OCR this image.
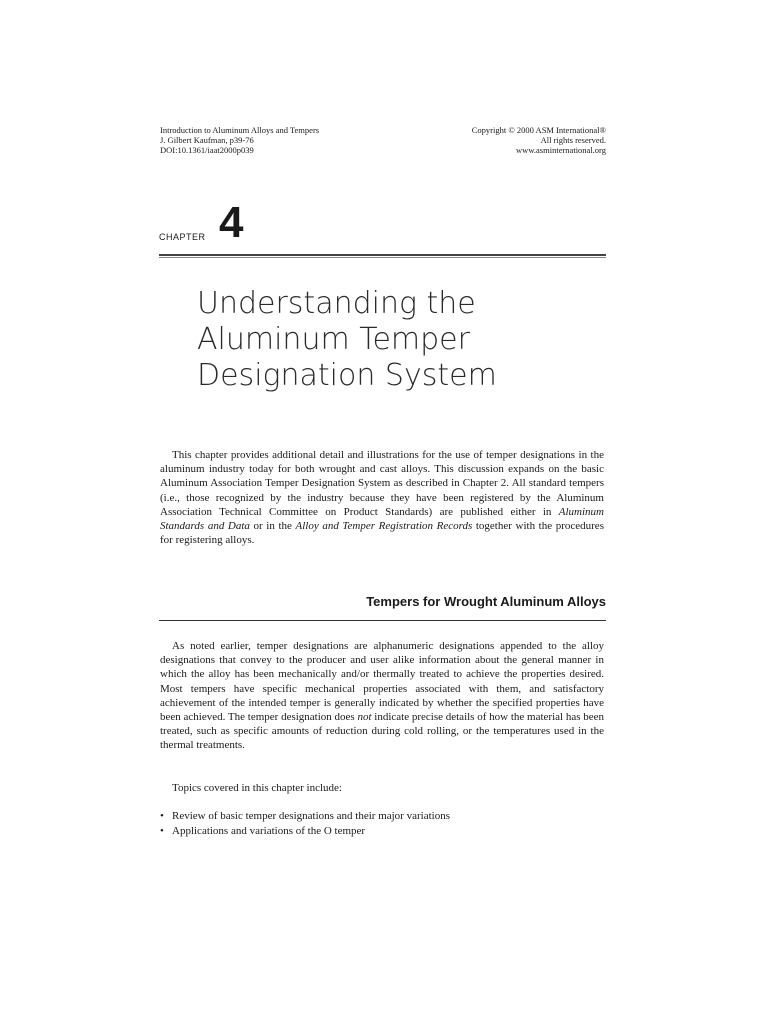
Introduction to Aluminum Alloys and Tempers
J. Gilbert Kaufman, p39-76
DOI:10.1361/iaat2000p039
Copyright © 2000 ASM International®
All rights reserved.
www.asminternational.org
CHAPTER 4
Understanding the
Aluminum Temper
Designation System

This chapter provides additional detail and illustrations for the use of temper designations in the aluminum industry today for both wrought and cast alloys. This discussion expands on the basic Aluminum Association Temper Designation System as described in Chapter 2. All standard tempers (i.e., those recognized by the industry because they have been registered by the Aluminum Association Technical Committee on Product Standards) are published either in Aluminum Standards and Data or in the Alloy and Temper Registration Records together with the procedures for registering alloys.

Tempers for Wrought Aluminum Alloys

As noted earlier, temper designations are alphanumeric designations appended to the alloy designations that convey to the producer and user alike information about the general manner in which the alloy has been mechanically and/or thermally treated to achieve the properties desired. Most tempers have specific mechanical properties associated with them, and satisfactory achievement of the intended temper is generally indicated by whether the specified properties have been achieved. The temper designation does not indicate precise details of how the material has been treated, such as specific amounts of reduction during cold rolling, or the temperatures used in the thermal treatments.

Topics covered in this chapter include:

• Review of basic temper designations and their major variations
• Applications and variations of the O temper
